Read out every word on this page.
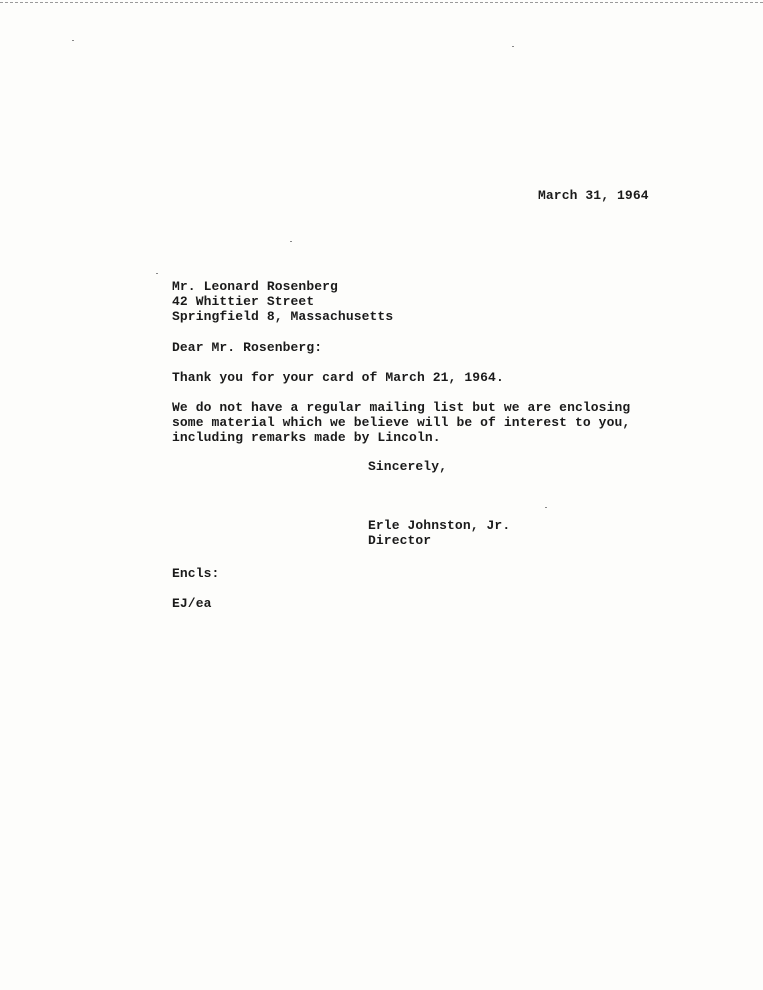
March 31, 1964
Mr. Leonard Rosenberg
42 Whittier Street
Springfield 8, Massachusetts
Dear Mr. Rosenberg:
Thank you for your card of March 21, 1964.
We do not have a regular mailing list but we are enclosing
some material which we believe will be of interest to you,
including remarks made by Lincoln.
Sincerely,
Erle Johnston, Jr.
Director
Encls:
EJ/ea
